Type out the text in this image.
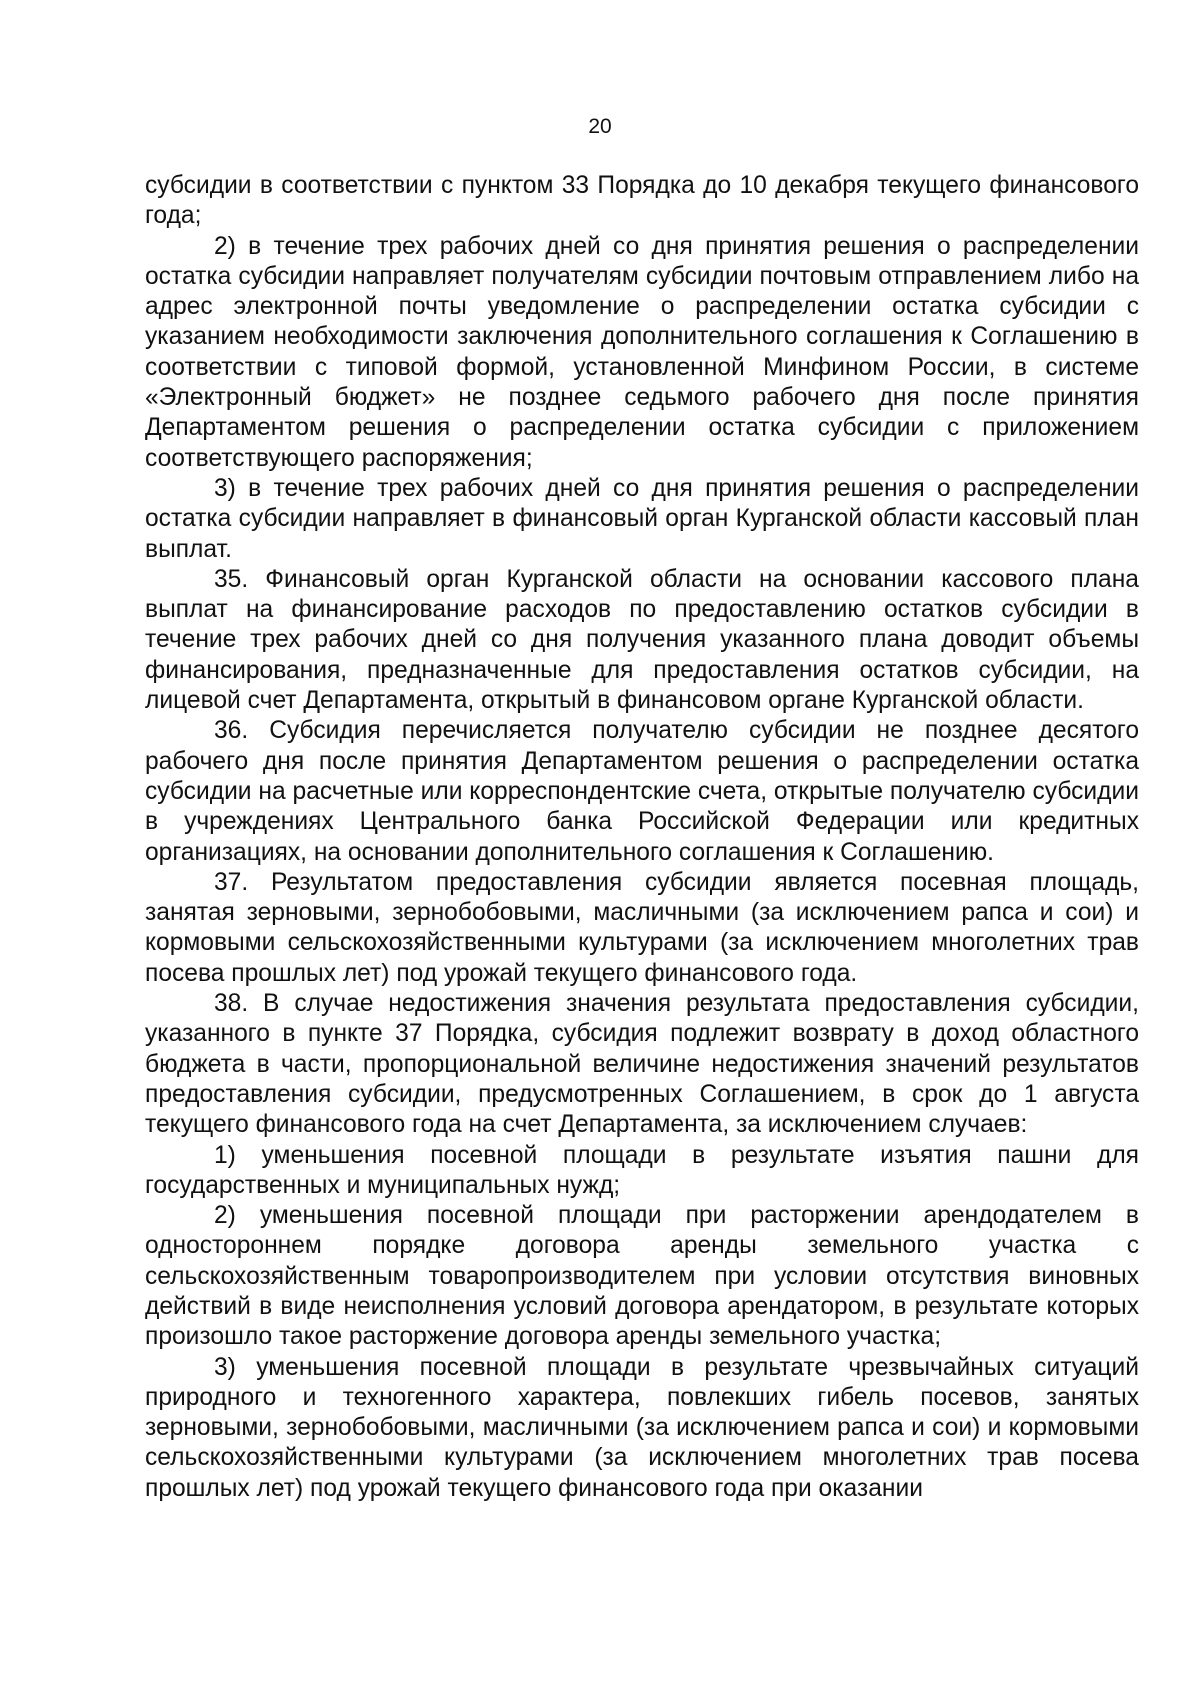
20

субсидии в соответствии с пунктом 33 Порядка до 10 декабря текущего финансового года;

2) в течение трех рабочих дней со дня принятия решения о распределении остатка субсидии направляет получателям субсидии почтовым отправлением либо на адрес электронной почты уведомление о распределении остатка субсидии с указанием необходимости заключения дополнительного соглашения к Соглашению в соответствии с типовой формой, установленной Минфином России, в системе «Электронный бюджет» не позднее седьмого рабочего дня после принятия Департаментом решения о распределении остатка субсидии с приложением соответствующего распоряжения;

3) в течение трех рабочих дней со дня принятия решения о распределении остатка субсидии направляет в финансовый орган Курганской области кассовый план выплат.

35. Финансовый орган Курганской области на основании кассового плана выплат на финансирование расходов по предоставлению остатков субсидии в течение трех рабочих дней со дня получения указанного плана доводит объемы финансирования, предназначенные для предоставления остатков субсидии, на лицевой счет Департамента, открытый в финансовом органе Курганской области.

36. Субсидия перечисляется получателю субсидии не позднее десятого рабочего дня после принятия Департаментом решения о распределении остатка субсидии на расчетные или корреспондентские счета, открытые получателю субсидии в учреждениях Центрального банка Российской Федерации или кредитных организациях, на основании дополнительного соглашения к Соглашению.

37. Результатом предоставления субсидии является посевная площадь, занятая зерновыми, зернобобовыми, масличными (за исключением рапса и сои) и кормовыми сельскохозяйственными культурами (за исключением многолетних трав посева прошлых лет) под урожай текущего финансового года.

38. В случае недостижения значения результата предоставления субсидии, указанного в пункте 37 Порядка, субсидия подлежит возврату в доход областного бюджета в части, пропорциональной величине недостижения значений результатов предоставления субсидии, предусмотренных Соглашением, в срок до 1 августа текущего финансового года на счет Департамента, за исключением случаев:

1) уменьшения посевной площади в результате изъятия пашни для государственных и муниципальных нужд;

2) уменьшения посевной площади при расторжении арендодателем в одностороннем порядке договора аренды земельного участка с сельскохозяйственным товаропроизводителем при условии отсутствия виновных действий в виде неисполнения условий договора арендатором, в результате которых произошло такое расторжение договора аренды земельного участка;

3) уменьшения посевной площади в результате чрезвычайных ситуаций природного и техногенного характера, повлекших гибель посевов, занятых зерновыми, зернобобовыми, масличными (за исключением рапса и сои) и кормовыми сельскохозяйственными культурами (за исключением многолетних трав посева прошлых лет) под урожай текущего финансового года при оказании
